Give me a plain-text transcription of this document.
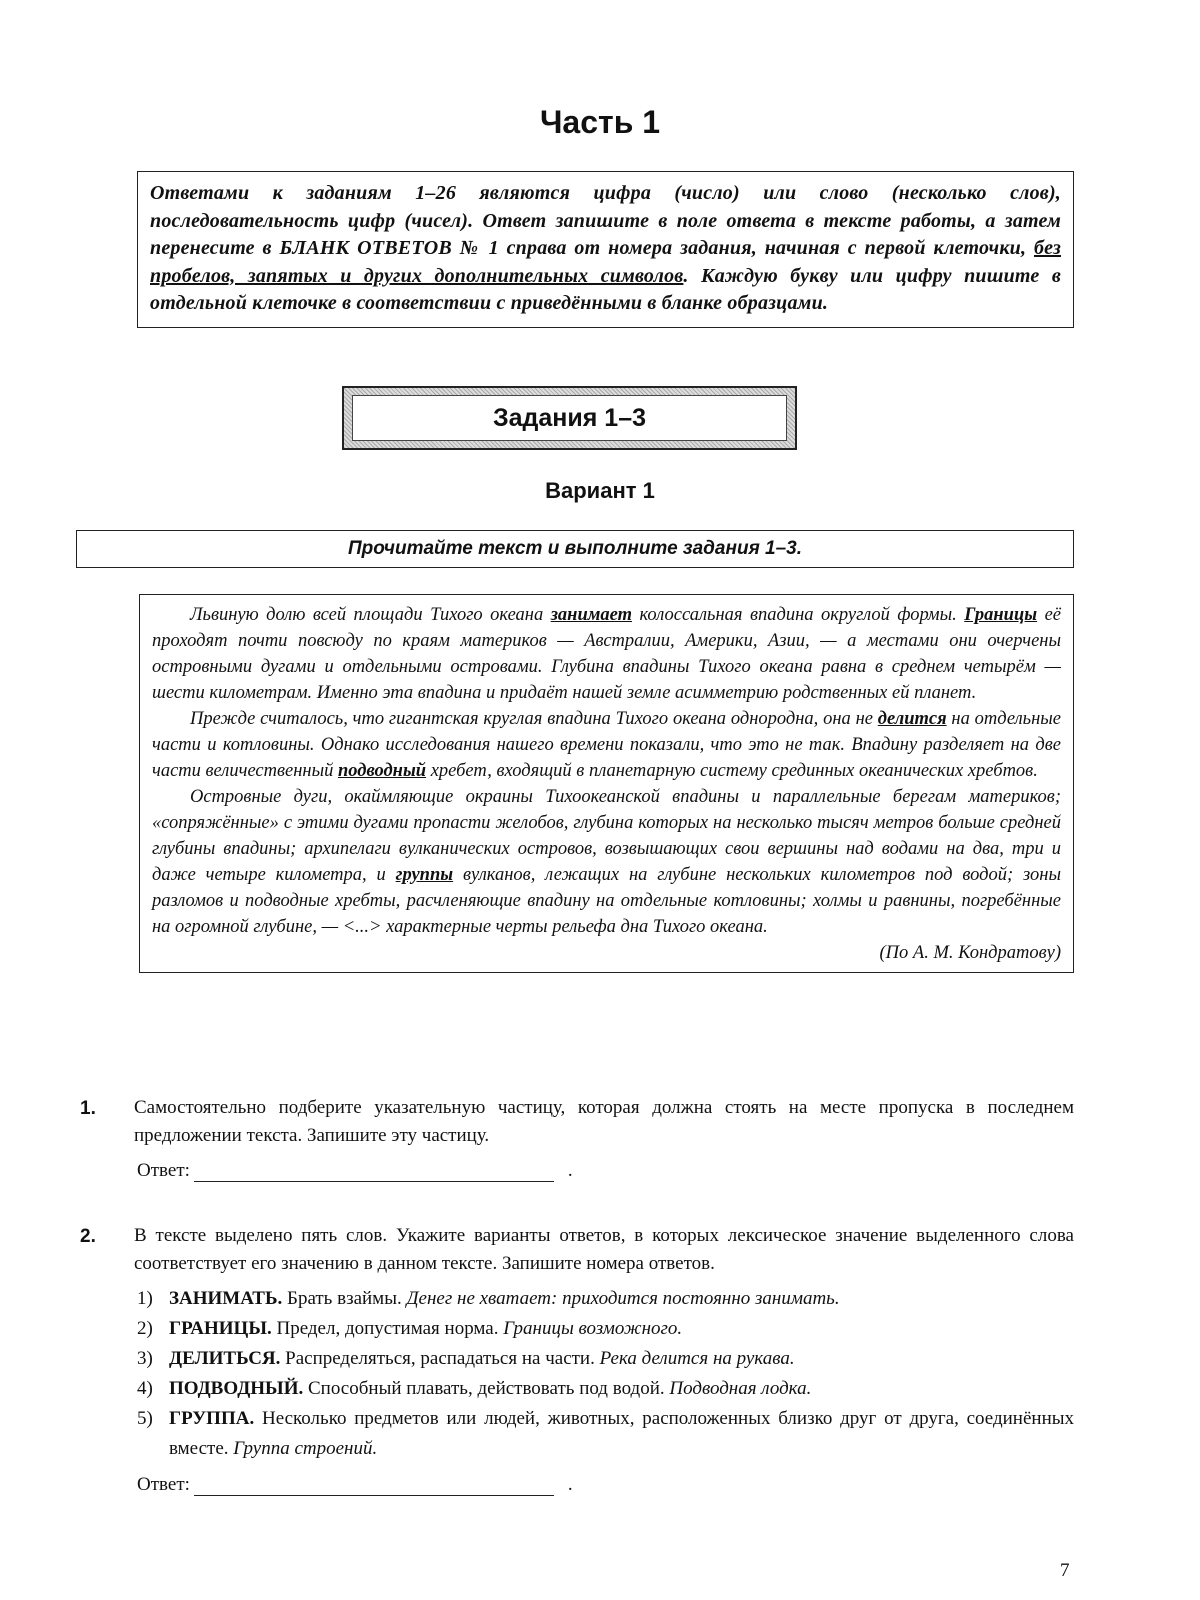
Часть 1
Ответами к заданиям 1–26 являются цифра (число) или слово (несколько слов), последовательность цифр (чисел). Ответ запишите в поле ответа в тексте работы, а затем перенесите в БЛАНК ОТВЕТОВ № 1 справа от номера задания, начиная с первой клеточки, без пробелов, запятых и других дополнительных символов. Каждую букву или цифру пишите в отдельной клеточке в соответствии с приведёнными в бланке образцами.
Задания 1–3
Вариант 1
Прочитайте текст и выполните задания 1–3.

Львиную долю всей площади Тихого океана занимает колоссальная впадина округлой формы. Границы её проходят почти повсюду по краям материков — Австралии, Америки, Азии, — а местами они очерчены островными дугами и отдельными островами. Глубина впадины Тихого океана равна в среднем четырём — шести километрам. Именно эта впадина и придаёт нашей земле асимметрию родственных ей планет.

Прежде считалось, что гигантская круглая впадина Тихого океана однородна, она не делится на отдельные части и котловины. Однако исследования нашего времени показали, что это не так. Впадину разделяет на две части величественный подводный хребет, входящий в планетарную систему срединных океанических хребтов.

Островные дуги, окаймляющие окраины Тихоокеанской впадины и параллельные берегам материков; «сопряжённые» с этими дугами пропасти желобов, глубина которых на несколько тысяч метров больше средней глубины впадины; архипелаги вулканических островов, возвышающих свои вершины над водами на два, три и даже четыре километра, и группы вулканов, лежащих на глубине нескольких километров под водой; зоны разломов и подводные хребты, расчленяющие впадину на отдельные котловины; холмы и равнины, погребённые на огромной глубине, — <...> характерные черты рельефа дна Тихого океана.

(По А. М. Кондратову)

1. Самостоятельно подберите указательную частицу, которая должна стоять на месте пропуска в последнем предложении текста. Запишите эту частицу.
Ответ:	.
2. В тексте выделено пять слов. Укажите варианты ответов, в которых лексическое значение выделенного слова соответствует его значению в данном тексте. Запишите номера ответов.
1) ЗАНИМАТЬ. Брать взаймы. Денег не хватает: приходится постоянно занимать.
2) ГРАНИЦЫ. Предел, допустимая норма. Границы возможного.
3) ДЕЛИТЬСЯ. Распределяться, распадаться на части. Река делится на рукава.
4) ПОДВОДНЫЙ. Способный плавать, действовать под водой. Подводная лодка.
5) ГРУППА. Несколько предметов или людей, животных, расположенных близко друг от друга, соединённых вместе. Группа строений.
Ответ:	.
7
